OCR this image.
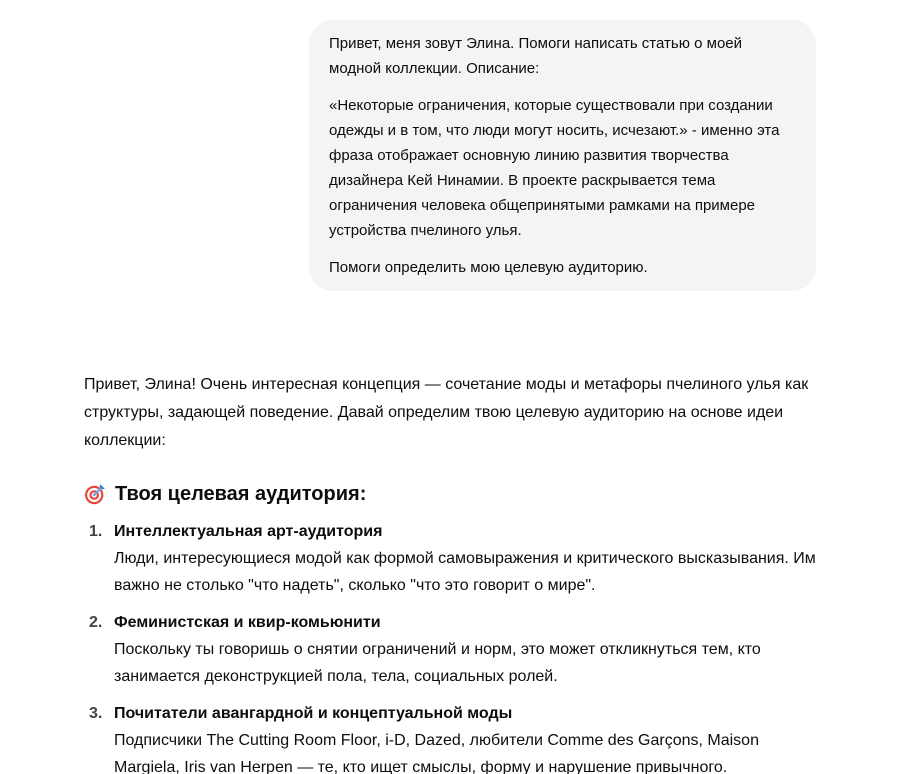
Привет, меня зовут Элина. Помоги написать статью о моей модной коллекции. Описание:

«Некоторые ограничения, которые существовали при создании одежды и в том, что люди могут носить, исчезают.» - именно эта фраза отображает основную линию развития творчества дизайнера Кей Нинамии. В проекте раскрывается тема ограничения человека общепринятыми рамками на примере устройства пчелиного улья.

Помоги определить мою целевую аудиторию.

Привет, Элина! Очень интересная концепция — сочетание моды и метафоры пчелиного улья как структуры, задающей поведение. Давай определим твою целевую аудиторию на основе идеи коллекции:

Твоя целевая аудитория:
1. Интеллектуальная арт-аудитория
Люди, интересующиеся модой как формой самовыражения и критического высказывания. Им важно не столько "что надеть", сколько "что это говорит о мире".
2. Феминистская и квир-комьюнити
Поскольку ты говоришь о снятии ограничений и норм, это может откликнуться тем, кто занимается деконструкцией пола, тела, социальных ролей.
3. Почитатели авангардной и концептуальной моды
Подписчики The Cutting Room Floor, i-D, Dazed, любители Comme des Garçons, Maison Margiela, Iris van Herpen — те, кто ищет смыслы, форму и нарушение привычного.
